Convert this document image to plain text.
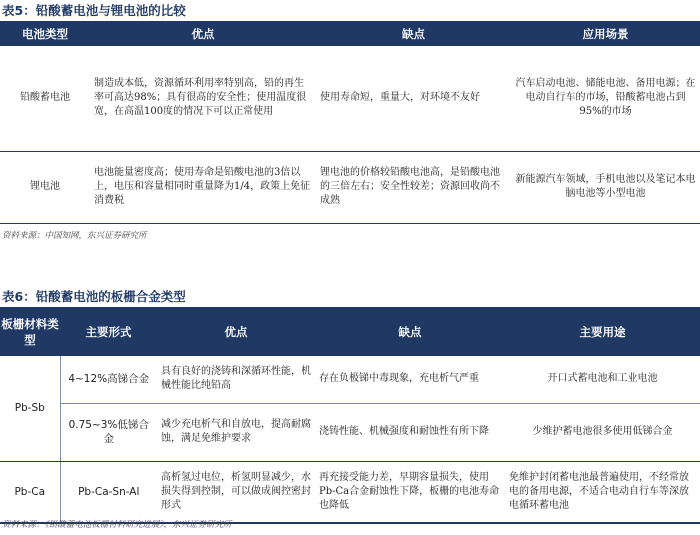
表5：铅酸蓄电池与锂电池的比较
电池类型	优点	缺点	应用场景
铅酸蓄电池	制造成本低，资源循环利用率特别高，铅的再生率可高达98%；具有很高的安全性；使用温度很宽，在高温100度的情况下可以正常使用	使用寿命短，重量大，对环境不友好	汽车启动电池、储能电池、备用电源；在电动自行车的市场，铅酸蓄电池占到95%的市场
锂电池	电池能量密度高；使用寿命是铅酸电池的3倍以上，电压和容量相同时重量降为1/4，政策上免征消费税	锂电池的价格较铅酸电池高，是铅酸电池的三倍左右；安全性较差；资源回收尚不成熟	新能源汽车领域，手机电池以及笔记本电脑电池等小型电池
资料来源：中国知网，东兴证券研究所
表6：铅酸蓄电池的板栅合金类型
板栅材料类型	主要形式	优点	缺点	主要用途
Pb-Sb	4~12%高锑合金	具有良好的浇铸和深循环性能，机械性能比纯铅高	存在负极锑中毒现象，充电析气严重	开口式蓄电池和工业电池
	0.75~3%低锑合金	减少充电析气和自放电，提高耐腐蚀，满足免维护要求	浇铸性能、机械强度和耐蚀性有所下降	少维护蓄电池很多使用低锑合金
Pb-Ca	Pb-Ca-Sn-Al	高析氢过电位，析氢明显减少，水损失得到控制，可以做成阀控密封形式	再充接受能力差，早期容量损失，使用Pb-Ca合金耐蚀性下降，板栅的电池寿命也降低	免维护封闭蓄电池最普遍使用，不经常放电的备用电源，不适合电动自行车等深放电循环蓄电池
资料来源：《铅酸蓄电池板栅材料研究进展》，东兴证券研究所
